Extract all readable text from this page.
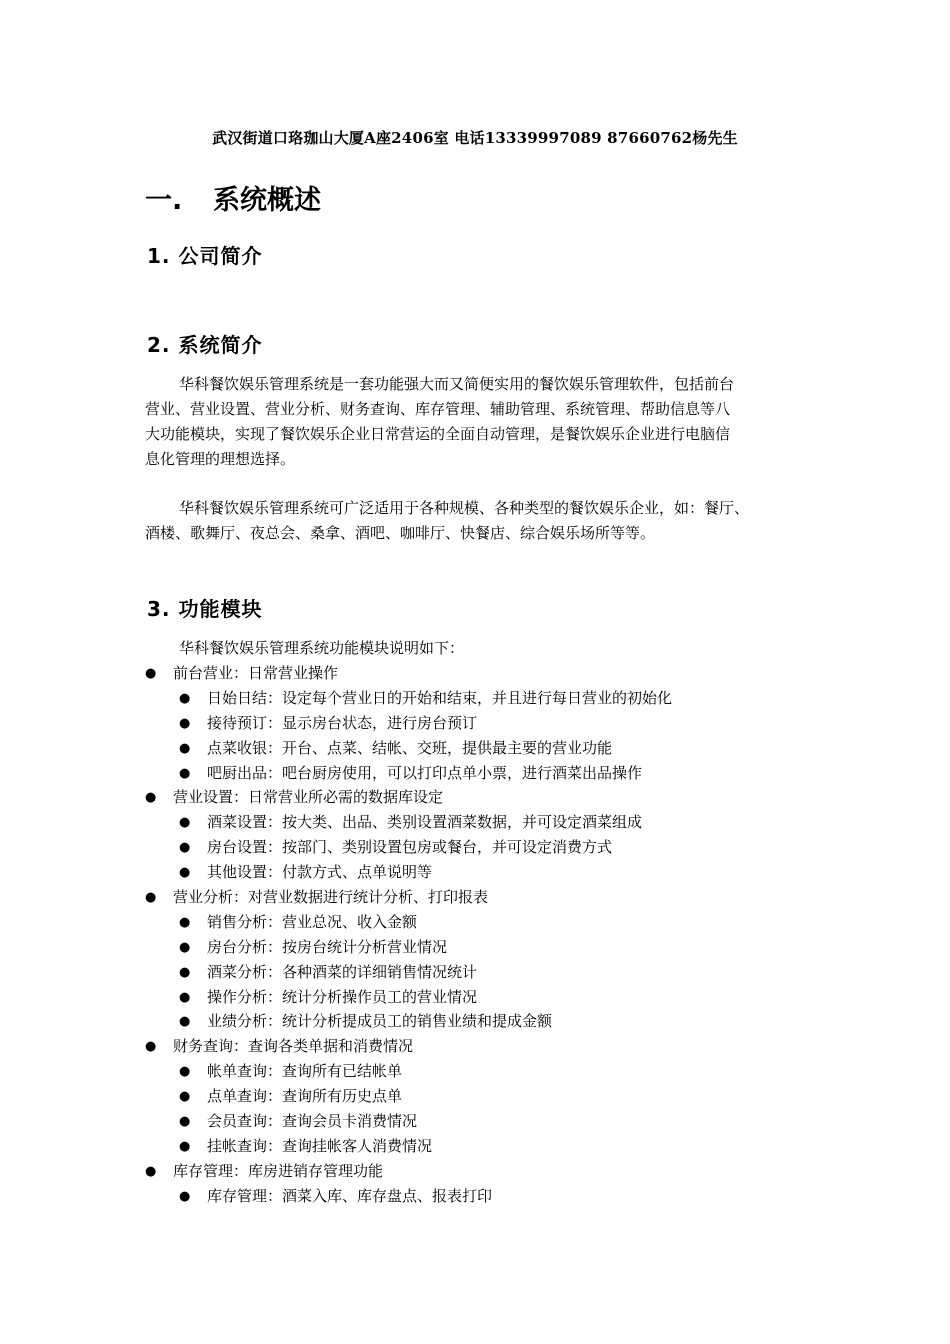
武汉街道口珞珈山大厦A座2406室 电话13339997089 87660762杨先生
一. 系统概述
1. 公司简介
2. 系统简介
华科餐饮娱乐管理系统是一套功能强大而又简便实用的餐饮娱乐管理软件，包括前台
营业、营业设置、营业分析、财务查询、库存管理、辅助管理、系统管理、帮助信息等八
大功能模块，实现了餐饮娱乐企业日常营运的全面自动管理，是餐饮娱乐企业进行电脑信
息化管理的理想选择。
华科餐饮娱乐管理系统可广泛适用于各种规模、各种类型的餐饮娱乐企业，如：餐厅、
酒楼、歌舞厅、夜总会、桑拿、酒吧、咖啡厅、快餐店、综合娱乐场所等等。
3. 功能模块
华科餐饮娱乐管理系统功能模块说明如下：
● 前台营业：日常营业操作
● 日始日结：设定每个营业日的开始和结束，并且进行每日营业的初始化
● 接待预订：显示房台状态，进行房台预订
● 点菜收银：开台、点菜、结帐、交班，提供最主要的营业功能
● 吧厨出品：吧台厨房使用，可以打印点单小票，进行酒菜出品操作
● 营业设置：日常营业所必需的数据库设定
● 酒菜设置：按大类、出品、类别设置酒菜数据，并可设定酒菜组成
● 房台设置：按部门、类别设置包房或餐台，并可设定消费方式
● 其他设置：付款方式、点单说明等
● 营业分析：对营业数据进行统计分析、打印报表
● 销售分析：营业总况、收入金额
● 房台分析：按房台统计分析营业情况
● 酒菜分析：各种酒菜的详细销售情况统计
● 操作分析：统计分析操作员工的营业情况
● 业绩分析：统计分析提成员工的销售业绩和提成金额
● 财务查询：查询各类单据和消费情况
● 帐单查询：查询所有已结帐单
● 点单查询：查询所有历史点单
● 会员查询：查询会员卡消费情况
● 挂帐查询：查询挂帐客人消费情况
● 库存管理：库房进销存管理功能
● 库存管理：酒菜入库、库存盘点、报表打印
